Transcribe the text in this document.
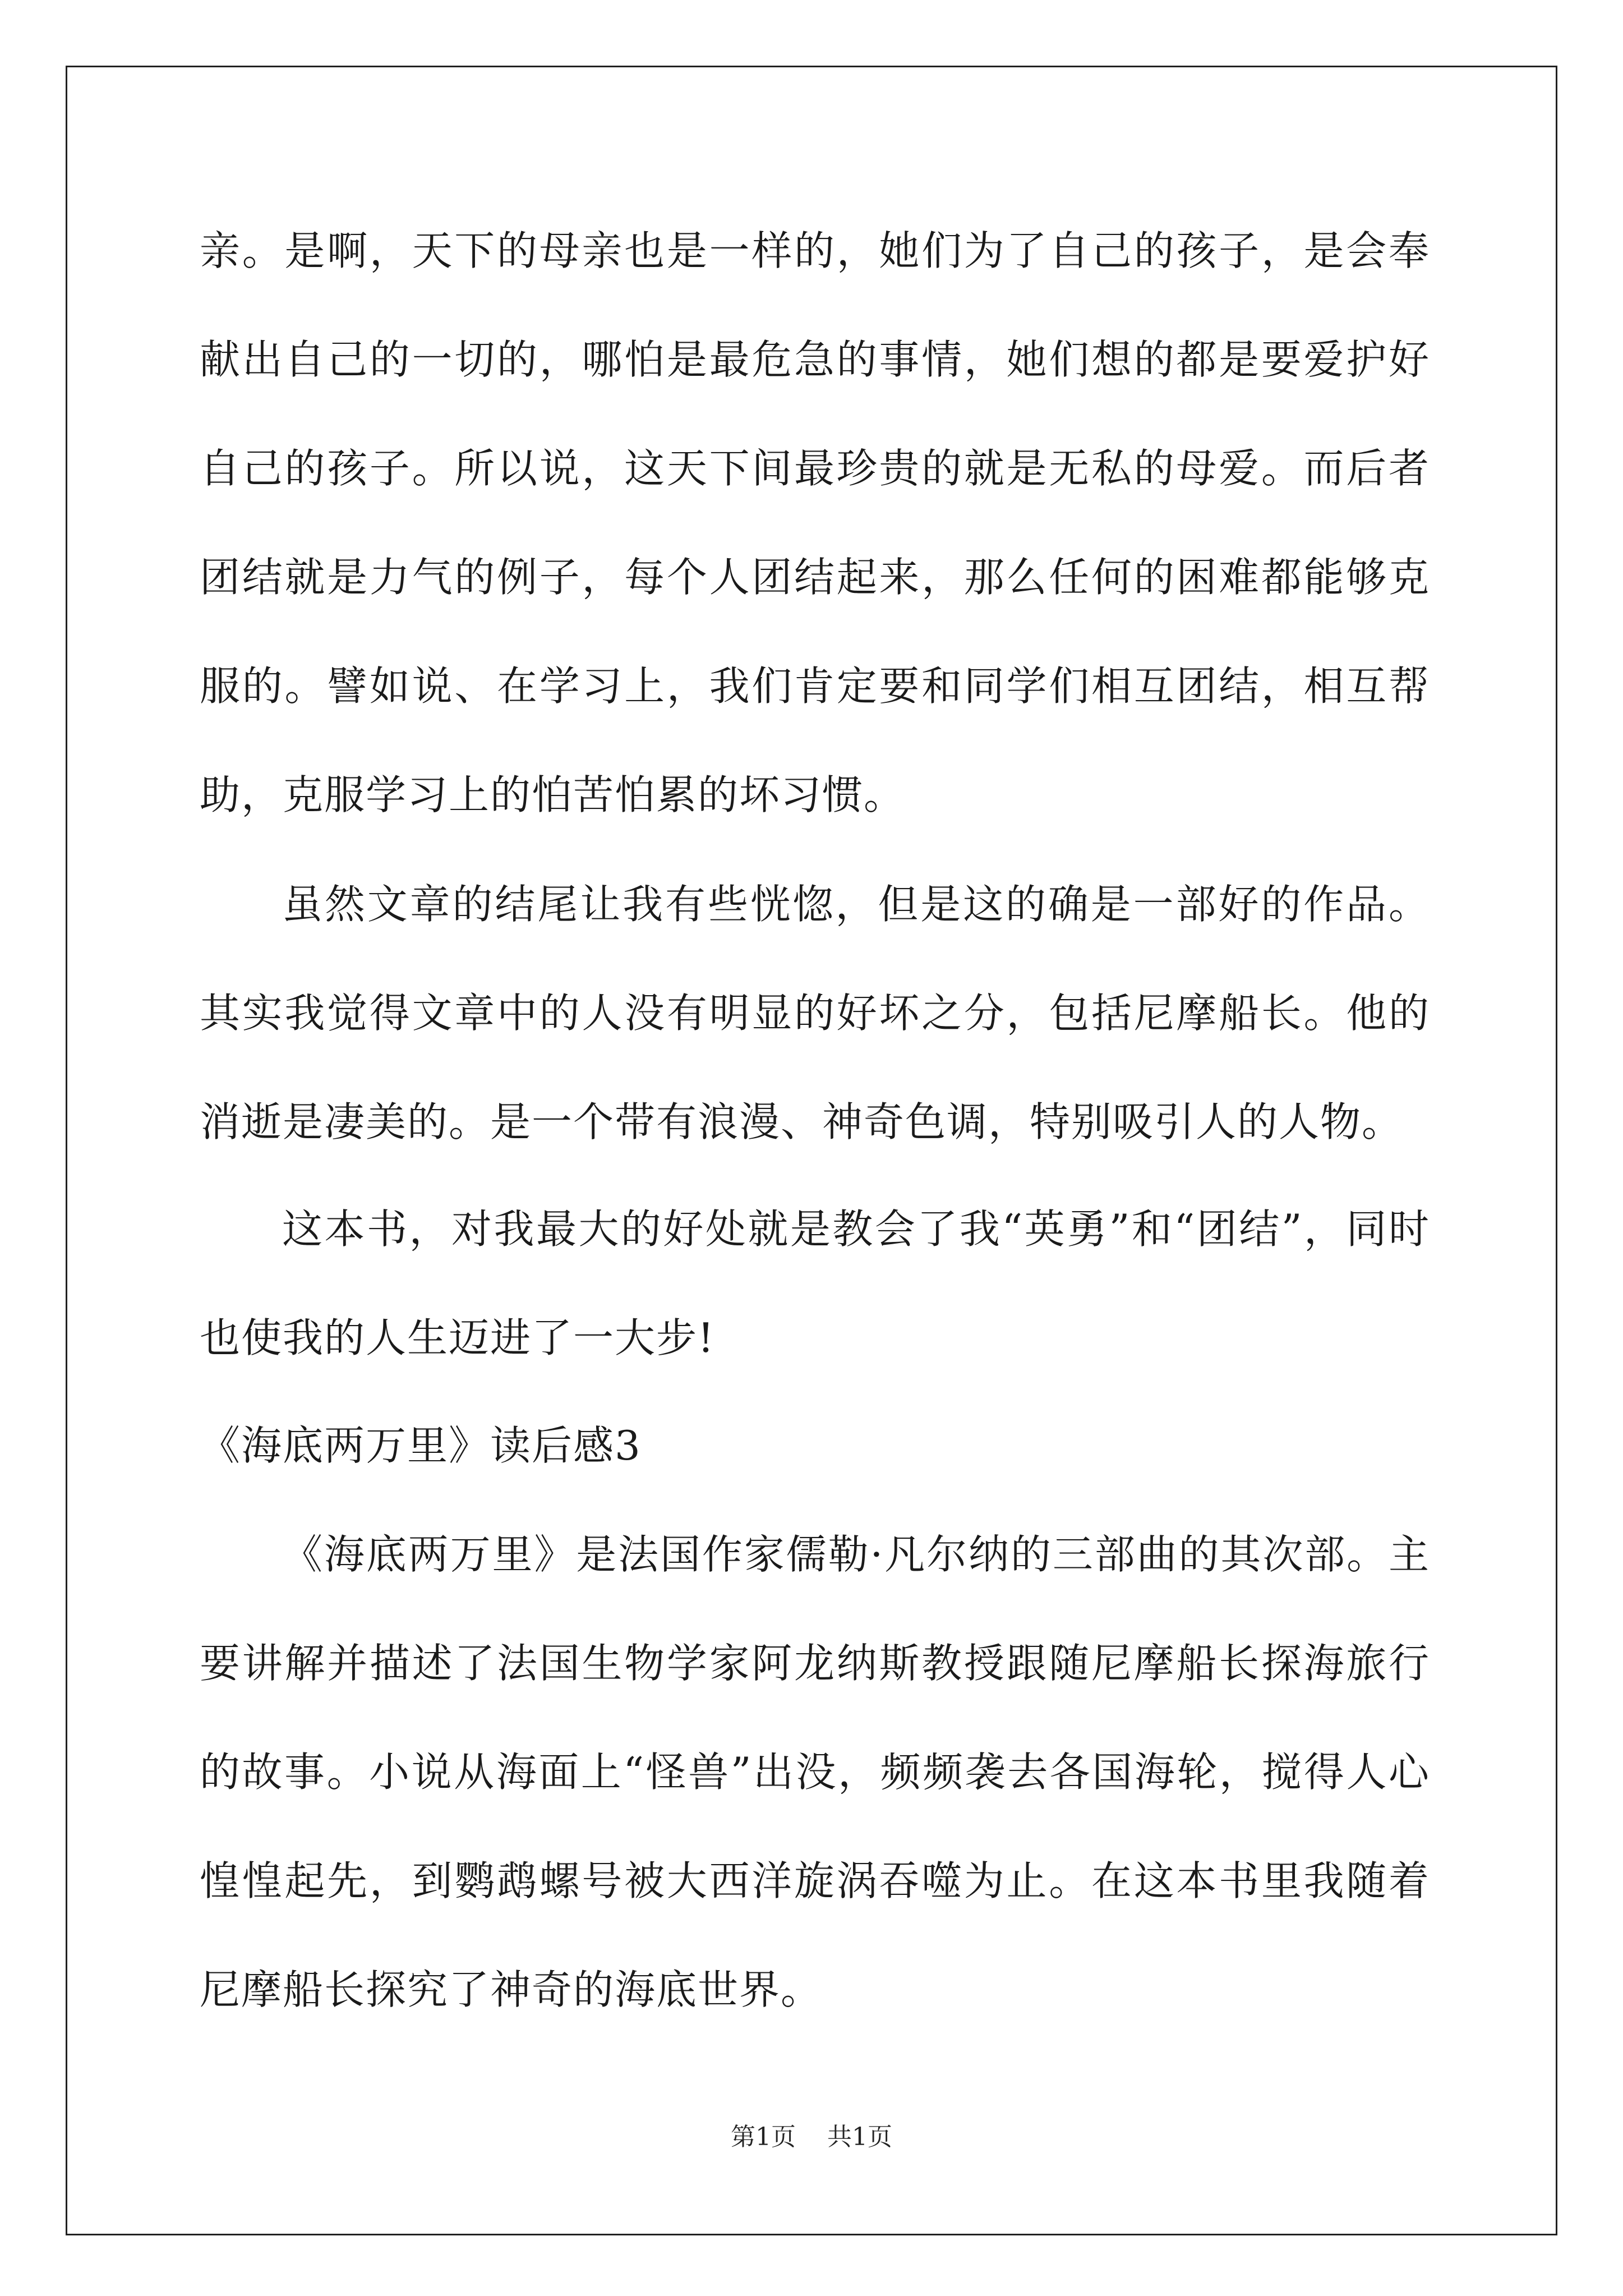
亲。是啊，天下的母亲也是一样的，她们为了自己的孩子，是会奉献出自己的一切的，哪怕是最危急的事情，她们想的都是要爱护好自己的孩子。所以说，这天下间最珍贵的就是无私的母爱。而后者团结就是力气的例子，每个人团结起来，那么任何的困难都能够克服的。譬如说、在学习上，我们肯定要和同学们相互团结，相互帮助，克服学习上的怕苦怕累的坏习惯。

虽然文章的结尾让我有些恍惚，但是这的确是一部好的作品。其实我觉得文章中的人没有明显的好坏之分，包括尼摩船长。他的消逝是凄美的。是一个带有浪漫、神奇色调，特别吸引人的人物。

这本书，对我最大的好处就是教会了我“英勇”和“团结”，同时也使我的人生迈进了一大步!

《海底两万里》读后感3

《海底两万里》是法国作家儒勒·凡尔纳的三部曲的其次部。主要讲解并描述了法国生物学家阿龙纳斯教授跟随尼摩船长探海旅行的故事。小说从海面上“怪兽”出没，频频袭去各国海轮，搅得人心惶惶起先，到鹦鹉螺号被大西洋旋涡吞噬为止。在这本书里我随着尼摩船长探究了神奇的海底世界。

第1页 共1页
